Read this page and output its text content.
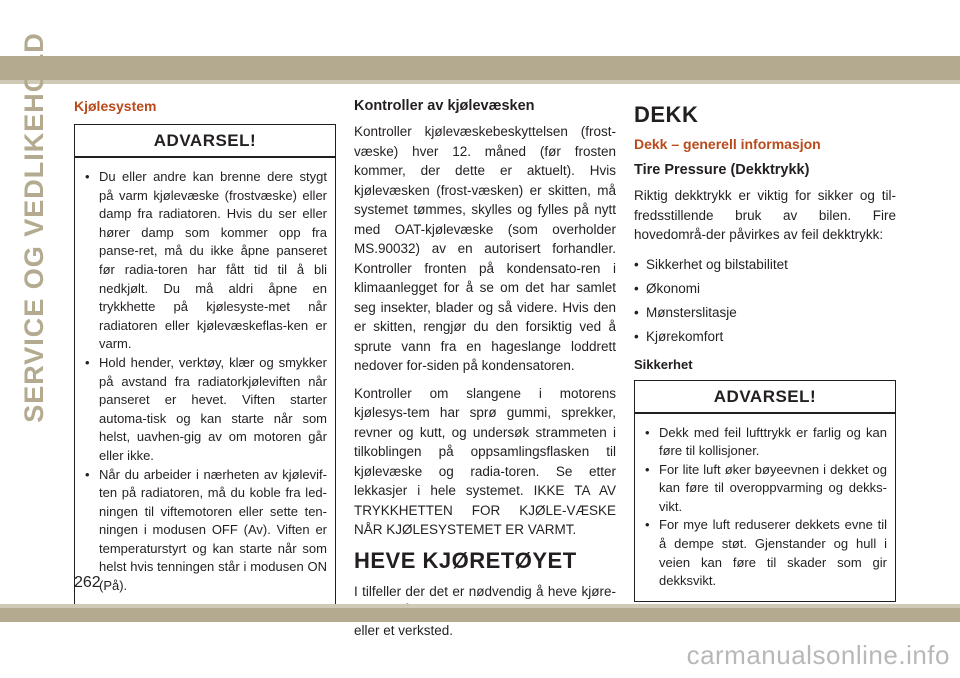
SERVICE OG VEDLIKEHOLD Kjølesystem
ADVARSEL!
• Du eller andre kan brenne dere stygt på varm kjølevæske (frostvæske) eller damp fra radiatoren. Hvis du ser eller hører damp som kommer opp fra panse-ret, må du ikke åpne panseret før radia-toren har fått tid til å bli nedkjølt. Du må aldri åpne en trykkhette på kjølesyste-met når radiatoren eller kjølevæskeflas-ken er varm.
• Hold hender, verktøy, klær og smykker på avstand fra radiatorkjøleviften når panseret er hevet. Viften starter automa-tisk og kan starte når som helst, uavhen-gig av om motoren går eller ikke.
• Når du arbeider i nærheten av kjølevif-ten på radiatoren, må du koble fra led-ningen til viftemotoren eller sette ten-ningen i modusen OFF (Av). Viften er temperaturstyrt og kan starte når som helst hvis tenningen står i modusen ON (På).
Kontroller av kjølevæsken

Kontroller kjølevæskebeskyttelsen (frost-væske) hver 12. måned (før frosten kommer, der dette er aktuelt). Hvis kjølevæsken (frost-væsken) er skitten, må systemet tømmes, skylles og fylles på nytt med OAT-kjølevæske (som overholder MS.90032) av en autorisert forhandler. Kontroller fronten på kondensato-ren i klimaanlegget for å se om det har samlet seg insekter, blader og så videre. Hvis den er skitten, rengjør du den forsiktig ved å sprute vann fra en hageslange loddrett nedover for-siden på kondensatoren.

Kontroller om slangene i motorens kjølesys-tem har sprø gummi, sprekker, revner og kutt, og undersøk strammeten i tilkoblingen på oppsamlingsflasken til kjølevæske og radia-toren. Se etter lekkasjer i hele systemet. IKKE TA AV TRYKKHETTEN FOR KJØLE-VÆSKE NÅR KJØLESYSTEMET ER VARMT.

HEVE KJØRETØYET

I tilfeller der det er nødvendig å heve kjøre- eller et verksted.

DEKK
Dekk – generell informasjon
Tire Pressure (Dekktrykk)

Riktig dekktrykk er viktig for sikker og til-fredsstillende bruk av bilen. Fire hovedområ-der påvirkes av feil dekktrykk:

• Sikkerhet og bilstabilitet
• Økonomi
• Mønsterslitasje
• Kjørekomfort
Sikkerhet
ADVARSEL!
• Dekk med feil lufttrykk er farlig og kan føre til kollisjoner.
• For lite luft øker bøyeevnen i dekket og kan føre til overoppvarming og dekks-vikt.
• For mye luft reduserer dekkets evne til å dempe støt. Gjenstander og hull i veien kan føre til skader som gir dekksvikt.
262
carmanualsonline.info
